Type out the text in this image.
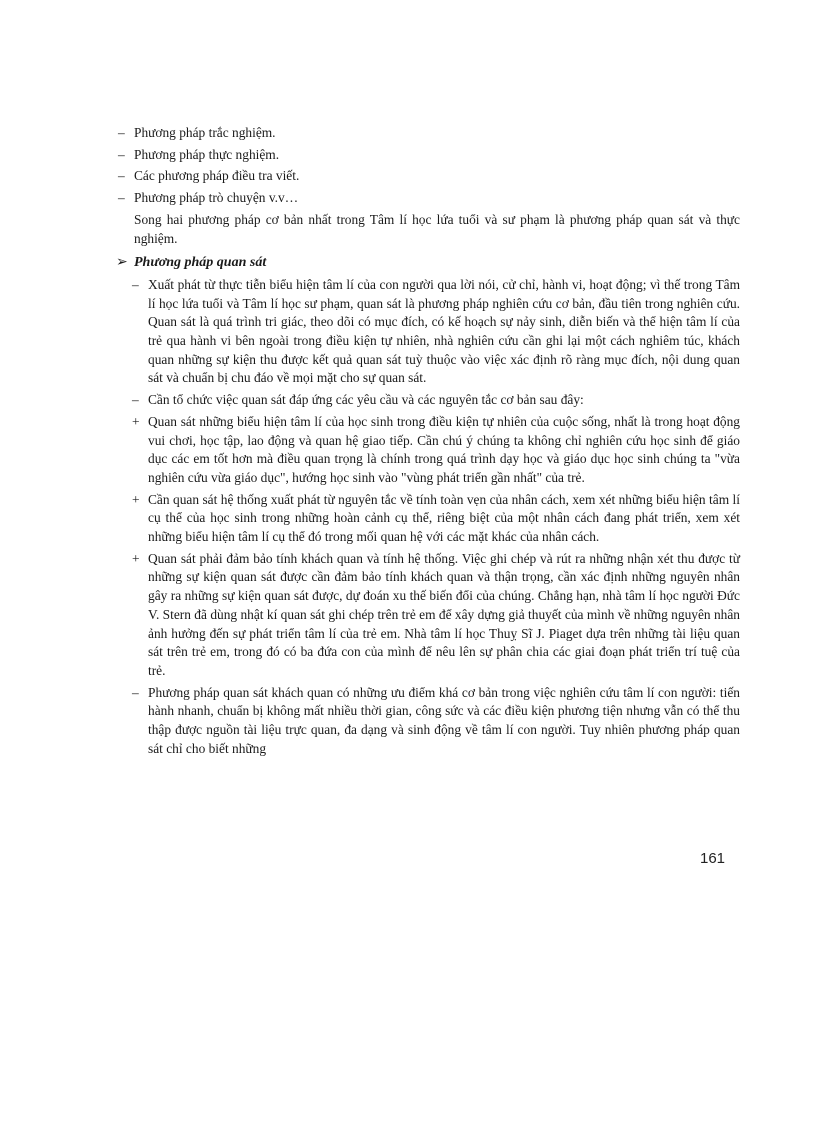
– Phương pháp trắc nghiệm.
– Phương pháp thực nghiệm.
– Các phương pháp điều tra viết.
– Phương pháp trò chuyện v.v…

Song hai phương pháp cơ bản nhất trong Tâm lí học lứa tuổi và sư phạm là phương pháp quan sát và thực nghiệm.

➢ Phương pháp quan sát
– Xuất phát từ thực tiễn biểu hiện tâm lí của con người qua lời nói, cử chỉ, hành vi, hoạt động; vì thế trong Tâm lí học lứa tuổi và Tâm lí học sư phạm, quan sát là phương pháp nghiên cứu cơ bản, đầu tiên trong nghiên cứu. Quan sát là quá trình tri giác, theo dõi có mục đích, có kế hoạch sự nảy sinh, diễn biến và thể hiện tâm lí của trẻ qua hành vi bên ngoài trong điều kiện tự nhiên, nhà nghiên cứu cần ghi lại một cách nghiêm túc, khách quan những sự kiện thu được kết quả quan sát tuỳ thuộc vào việc xác định rõ ràng mục đích, nội dung quan sát và chuẩn bị chu đáo về mọi mặt cho sự quan sát.
– Cần tổ chức việc quan sát đáp ứng các yêu cầu và các nguyên tắc cơ bản sau đây:
+ Quan sát những biểu hiện tâm lí của học sinh trong điều kiện tự nhiên của cuộc sống, nhất là trong hoạt động vui chơi, học tập, lao động và quan hệ giao tiếp. Cần chú ý chúng ta không chỉ nghiên cứu học sinh để giáo dục các em tốt hơn mà điều quan trọng là chính trong quá trình dạy học và giáo dục học sinh chúng ta "vừa nghiên cứu vừa giáo dục", hướng học sinh vào "vùng phát triển gần nhất" của trẻ.
+ Cần quan sát hệ thống xuất phát từ nguyên tắc về tính toàn vẹn của nhân cách, xem xét những biểu hiện tâm lí cụ thể của học sinh trong những hoàn cảnh cụ thể, riêng biệt của một nhân cách đang phát triển, xem xét những biểu hiện tâm lí cụ thể đó trong mối quan hệ với các mặt khác của nhân cách.
+ Quan sát phải đảm bảo tính khách quan và tính hệ thống. Việc ghi chép và rút ra những nhận xét thu được từ những sự kiện quan sát được cần đảm bảo tính khách quan và thận trọng, cần xác định những nguyên nhân gây ra những sự kiện quan sát được, dự đoán xu thế biến đổi của chúng. Chẳng hạn, nhà tâm lí học người Đức V. Stern đã dùng nhật kí quan sát ghi chép trên trẻ em để xây dựng giả thuyết của mình về những nguyên nhân ảnh hưởng đến sự phát triển tâm lí của trẻ em. Nhà tâm lí học Thuỵ Sĩ J. Piaget dựa trên những tài liệu quan sát trên trẻ em, trong đó có ba đứa con của mình để nêu lên sự phân chia các giai đoạn phát triển trí tuệ của trẻ.
– Phương pháp quan sát khách quan có những ưu điểm khá cơ bản trong việc nghiên cứu tâm lí con người: tiến hành nhanh, chuẩn bị không mất nhiều thời gian, công sức và các điều kiện phương tiện nhưng vẫn có thể thu thập được nguồn tài liệu trực quan, đa dạng và sinh động về tâm lí con người. Tuy nhiên phương pháp quan sát chỉ cho biết những
161
